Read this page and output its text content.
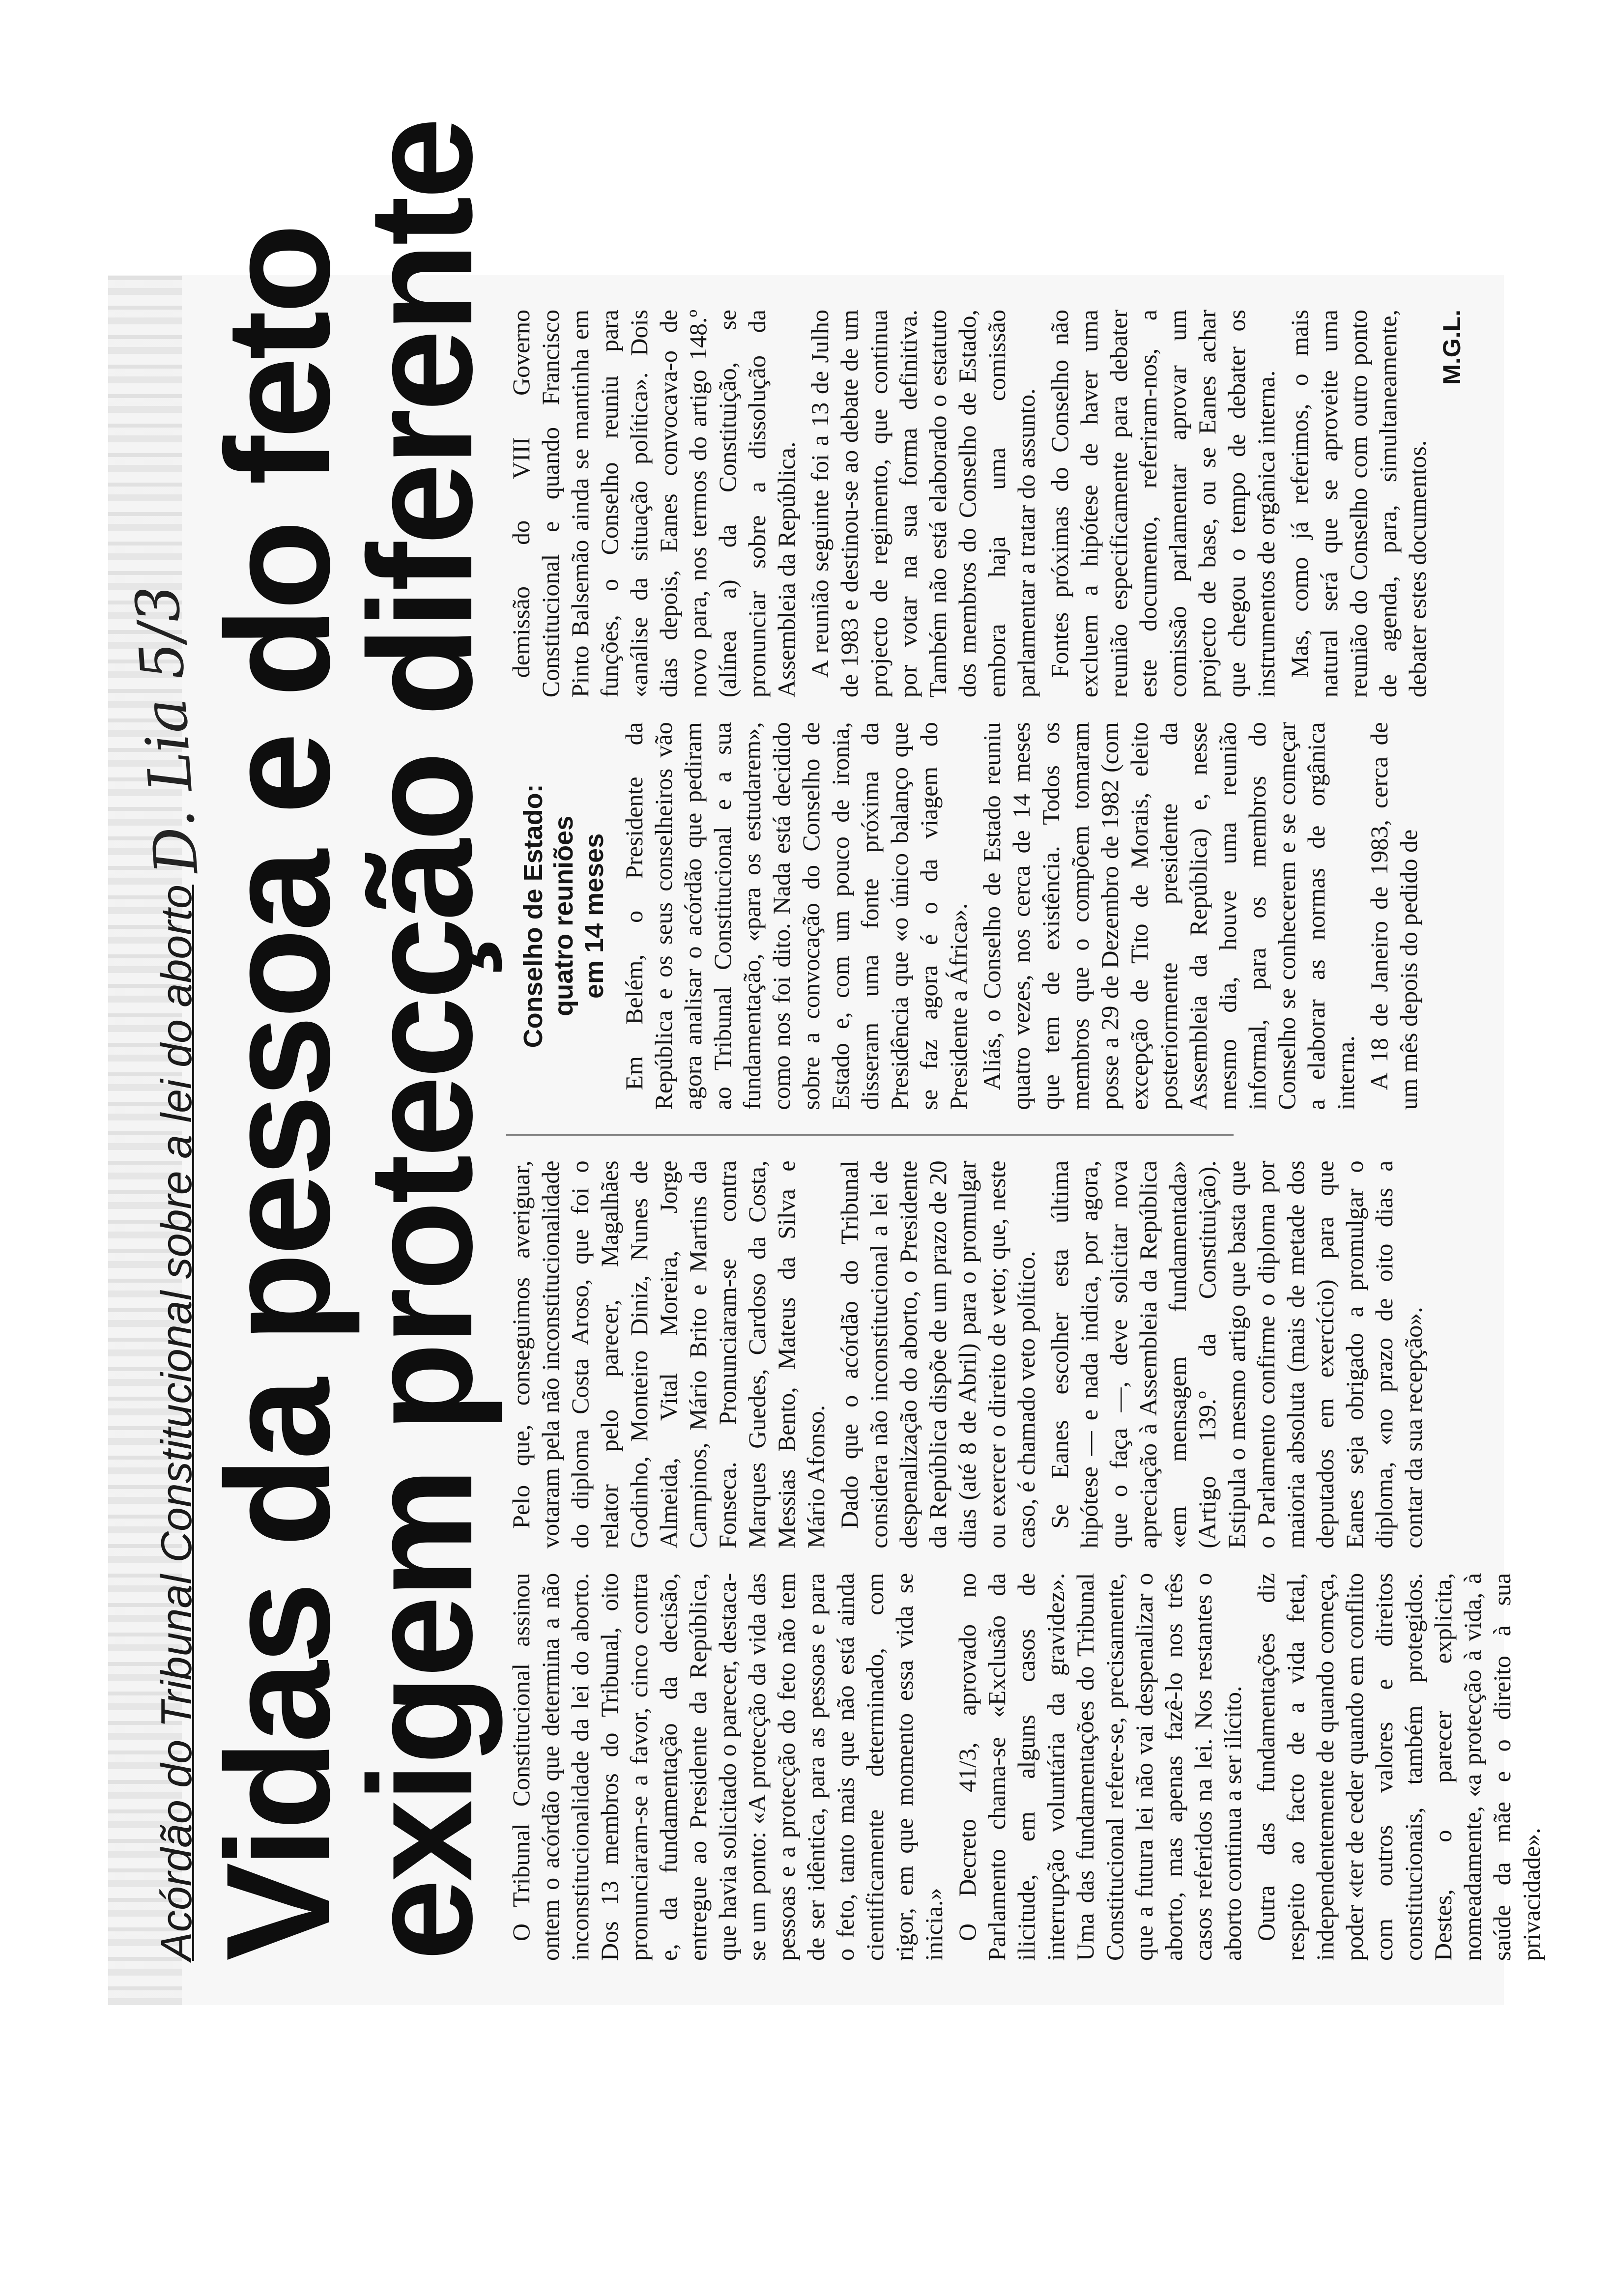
Acórdão do Tribunal Constitucional sobre a lei do aborto
D. Lia 5/3
Vidas da pessoa e do feto
exigem protecção diferente O Tribunal Constitucional assinou ontem o acórdão que determina a não inconstitucionalidade da lei do aborto. Dos 13 membros do Tribunal, oito pronunciaram-se a favor, cinco contra e, da fundamentação da decisão, entregue ao Presidente da República, que havia solicitado o parecer, destaca-se um ponto: «A protecção da vida das pessoas e a protecção do feto não tem de ser idêntica, para as pessoas e para o feto, tanto mais que não está ainda cientificamente determinado, com rigor, em que momento essa vida se inicia.» O Decreto 41/3, aprovado no Parlamento chama-se «Exclusão da ilicitude, em alguns casos de interrupção voluntária da gravidez». Uma das fundamentações do Tribunal Constitucional refere-se, precisamente, que a futura lei não vai despenalizar o aborto, mas apenas fazê-lo nos três casos referidos na lei. Nos restantes o aborto continua a ser ilícito. Outra das fundamentações diz respeito ao facto de a vida fetal, independentemente de quando começa, poder «ter de ceder quando em conflito com outros valores e direitos constitucionais, também protegidos. Destes, o parecer explicita, nomeadamente, «a protecção à vida, à saúde da mãe e o direito à sua privacidade».

Pelo que, conseguimos averiguar, votaram pela não inconstitucionalidade do diploma Costa Aroso, que foi o relator pelo parecer, Magalhães Godinho, Monteiro Diniz, Nunes de Almeida, Vital Moreira, Jorge Campinos, Mário Brito e Martins da Fonseca. Pronunciaram-se contra Marques Guedes, Cardoso da Costa, Messias Bento, Mateus da Silva e Mário Afonso. Dado que o acórdão do Tribunal considera não inconstitucional a lei de despenalização do aborto, o Presidente da República dispõe de um prazo de 20 dias (até 8 de Abril) para o promulgar ou exercer o direito de veto; que, neste caso, é chamado veto político. Se Eanes escolher esta última hipótese — e nada indica, por agora, que o faça —, deve solicitar nova apreciação à Assembleia da República «em mensagem fundamentada» (Artigo 139.º da Constituição). Estipula o mesmo artigo que basta que o Parlamento confirme o diploma por maioria absoluta (mais de metade dos deputados em exercício) para que Eanes seja obrigado a promulgar o diploma, «no prazo de oito dias a contar da sua recepção».

Conselho de Estado: quatro reuniões em 14 meses Em Belém, o Presidente da República e os seus conselheiros vão agora analisar o acórdão que pediram ao Tribunal Constitucional e a sua fundamentação, «para os estudarem», como nos foi dito. Nada está decidido sobre a convocação do Conselho de Estado e, com um pouco de ironia, disseram uma fonte próxima da Presidência que «o único balanço que se faz agora é o da viagem do Presidente a África». Aliás, o Conselho de Estado reuniu quatro vezes, nos cerca de 14 meses que tem de existência. Todos os membros que o compõem tomaram posse a 29 de Dezembro de 1982 (com excepção de Tito de Morais, eleito posteriormente presidente da Assembleia da República) e, nesse mesmo dia, houve uma reunião informal, para os membros do Conselho se conhecerem e se começar a elaborar as normas de orgânica interna. A 18 de Janeiro de 1983, cerca de um mês depois do pedido de

demissão do VIII Governo Constitucional e quando Francisco Pinto Balsemão ainda se mantinha em funções, o Conselho reuniu para «análise da situação política». Dois dias depois, Eanes convocava-o de novo para, nos termos do artigo 148.º (alínea a) da Constituição, se pronunciar sobre a dissolução da Assembleia da República. A reunião seguinte foi a 13 de Julho de 1983 e destinou-se ao debate de um projecto de regimento, que continua por votar na sua forma definitiva. Também não está elaborado o estatuto dos membros do Conselho de Estado, embora haja uma comissão parlamentar a tratar do assunto. Fontes próximas do Conselho não excluem a hipótese de haver uma reunião especificamente para debater este documento, referiram-nos, a comissão parlamentar aprovar um projecto de base, ou se Eanes achar que chegou o tempo de debater os instrumentos de orgânica interna. Mas, como já referimos, o mais natural será que se aproveite uma reunião do Conselho com outro ponto de agenda, para, simultaneamente, debater estes documentos.

M.G.L.
